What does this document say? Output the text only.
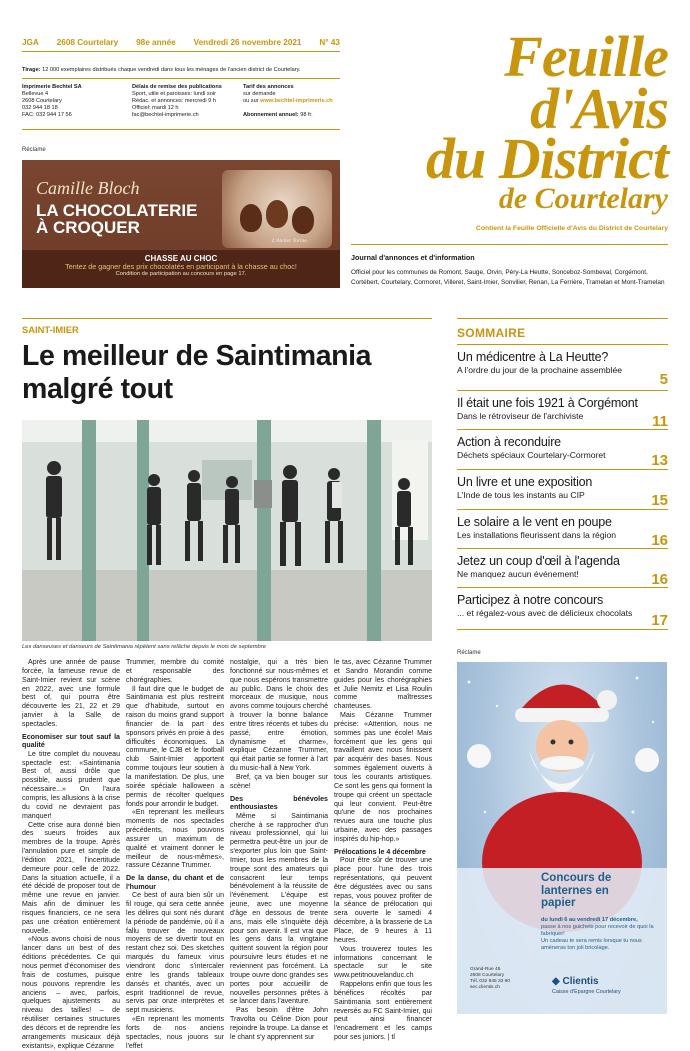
JGA 2608 Courtelary 98e année Vendredi 26 novembre 2021 N° 43
Tirage: 12 000 exemplaires distribués chaque vendredi dans tous les ménages de l'ancien district de Courtelary.
Imprimerie Bechtel SA
Bellevue 4
2608 Courtelary
032 944 18 18
FAC: 032 944 17 56
Délais de remise des publications
Sport, utile et paroisses: lundi soir
Rédac. et annonces: mercredi 9 h
Officiel: mardi 12 h
fac@bechtel-imprimerie.ch
Tarif des annonces
sur demande
ou sur www.bechtel-imprimerie.ch

Abonnement annuel: 98 fr.
Feuille
d'Avis
du District
de Courtelary
Contient la Feuille Officielle d'Avis du District de Courtelary
Journal d'annonces et d'information
Officiel pour les communes de Romont, Sauge, Orvin, Péry-La Heutte, Sonceboz-Sombeval, Corgémont, Cortébert, Courtelary, Cormoret, Villeret, Saint-Imier, Sonvilier, Renan, La Ferrière, Tramelan et Mont-Tramelan
Réclame
Camille Bloch
LA CHOCOLATERIE
À CROQUER
L'Atelier Torino
CHASSE AU CHOC
Tentez de gagner des prix chocolatés en participant à la chasse au choc!
Condition de participation au concours en page 17.
SAINT-IMIER
Le meilleur de Saintimania malgré tout
Les danseuses et danseurs de Saintimania répètent sans relâche depuis le mois de septembre

Après une année de pause forcée, la fameuse revue de Saint-Imier revient sur scène en 2022, avec une formule best of, qui pourra être découverte les 21, 22 et 29 janvier à la Salle de spectacles.

Economiser sur tout sauf la qualité

Le titre complet du nouveau spectacle est: «Saintimania Best of, aussi drôle que possible, aussi prudent que nécessaire...» On l'aura compris, les allusions à la crise du covid ne devraient pas manquer!

Cette crise aura donné bien des sueurs froides aux membres de la troupe. Après l'annulation pure et simple de l'édition 2021, l'incertitude demeure pour celle de 2022. Dans la situation actuelle, il a été décidé de proposer tout de même une revue en janvier. Mais afin de diminuer les risques financiers, ce ne sera pas une création entièrement nouvelle.

«Nous avons choisi de nous lancer dans un best of des éditions précédentes. Ce qui nous permet d'économiser des frais de costumes, puisque nous pouvons reprendre les anciens – avec, parfois, quelques ajustements au niveau des tailles! – de réutiliser certaines structures des décors et de reprendre les arrangements musicaux déjà existants», explique Cézanne

Trummer, membre du comité et responsable des chorégraphies.

Il faut dire que le budget de Saintimania est plus restreint que d'habitude, surtout en raison du moins grand support financier de la part des sponsors privés en proie à des difficultés économiques. La commune, le CJB et le football club Saint-Imier apportent comme toujours leur soutien à la manifestation. De plus, une soirée spéciale halloween a permis de récolter quelques fonds pour arrondir le budget.

«En reprenant les meilleurs moments de nos spectacles précédents, nous pouvons assurer un maximum de qualité et vraiment donner le meilleur de nous-mêmes», rassure Cézanne Trummer.

De la danse, du chant et de l'humour

Ce best of aura bien sûr un fil rouge, qui sera cette année les délires qui sont nés durant la période de pandémie, où il a fallu trouver de nouveaux moyens de se divertir tout en restant chez soi. Des sketches marqués du fameux virus viendront donc s'intercaler entre les grands tableaux dansés et chantés, avec un esprit traditionnel de revue, servis par onze interprètes et sept musiciens.

«En reprenant les moments forts de nos anciens spectacles, nous jouons sur l'effet

nostalgie, qui a très bien fonctionné sur nous-mêmes et que nous espérons transmettre au public. Dans le choix des morceaux de musique, nous avons comme toujours cherché à trouver la bonne balance entre titres récents et tubes du passé, entre émotion, dynamisme et charme», explique Cézanne Trummer, qui était partie se former à l'art du music-hall à New York.

Bref, ça va bien bouger sur scène!

Des bénévoles enthousiastes

Même si Saintimania cherche à se rapprocher d'un niveau professionnel, qui lui permettra peut-être un jour de s'exporter plus loin que Saint-Imier, tous les membres de la troupe sont des amateurs qui consacrent leur temps bénévolement à la réussite de l'événement. L'équipe est jeune, avec une moyenne d'âge en dessous de trente ans, mais elle s'inquiète déjà pour son avenir. Il est vrai que les gens dans la vingtaine quittent souvent la région pour poursuivre leurs études et ne reviennent pas forcément. La troupe ouvre donc grandes ses portes pour accueillir de nouvelles personnes prêtes à se lancer dans l'aventure.

Pas besoin d'être John Travolta ou Céline Dion pour rejoindre la troupe. La danse et le chant s'y apprennent sur

le tas, avec Cézanne Trummer et Sandro Morandin comme guides pour les chorégraphies et Julie Nemitz et Lisa Roulin comme maîtresses chanteuses.

Mais Cézanne Trummer précise: «Attention, nous ne sommes pas une école! Mais forcément que les gens qui travaillent avec nous finissent par acquérir des bases. Nous sommes également ouverts à tous les courants artistiques. Ce sont les gens qui forment la troupe qui créent un spectacle qui leur convient. Peut-être qu'une de nos prochaines revues aura une touche plus urbaine, avec des passages inspirés du hip-hop.»

Prélocations le 4 décembre

Pour être sûr de trouver une place pour l'une des trois représentations, qui peuvent être dégustées avec ou sans repas, vous pouvez profiter de la séance de prélocation qui sera ouverte le samedi 4 décembre, à la brasserie de La Place, de 9 heures à 11 heures.

Vous trouverez toutes les informations concernant le spectacle sur le site www.petitnouvelanduc.ch

Rappelons enfin que tous les bénéfices récoltés par Saintimania sont entièrement reversés au FC Saint-Imier, qui peut ainsi financer l'encadrement et les camps pour ses juniors. | tl

SOMMAIRE
Un médicentre à La Heutte?
A l'ordre du jour de la prochaine assemblée
5
Il était une fois 1921 à Corgémont
Dans le rétroviseur de l'archiviste	11
Action à reconduire
Déchets spéciaux Courtelary-Cormoret	13
Un livre et une exposition
L'Inde de tous les instants au CIP	15
Le solaire a le vent en poupe
Les installations fleurissent dans la région	16
Jetez un coup d'œil à l'agenda
Ne manquez aucun événement!	16
Participez à notre concours
... et régalez-vous avec de délicieux chocolats	17
Réclame
Concours de
lanternes en
papier
du lundi 6 au vendredi 17 décembre,
passe à nos guichets pour recevoir de quoi la fabriquer!
Un cadeau te sera remis lorsque tu nous amèneras ton joli bricolage.
Grand-Rue 45
2608 Courtelary
Tél. 032 945 33 90
sec.clientis.ch
◆ Clientis
Caisse d'Epargne Courtelary
